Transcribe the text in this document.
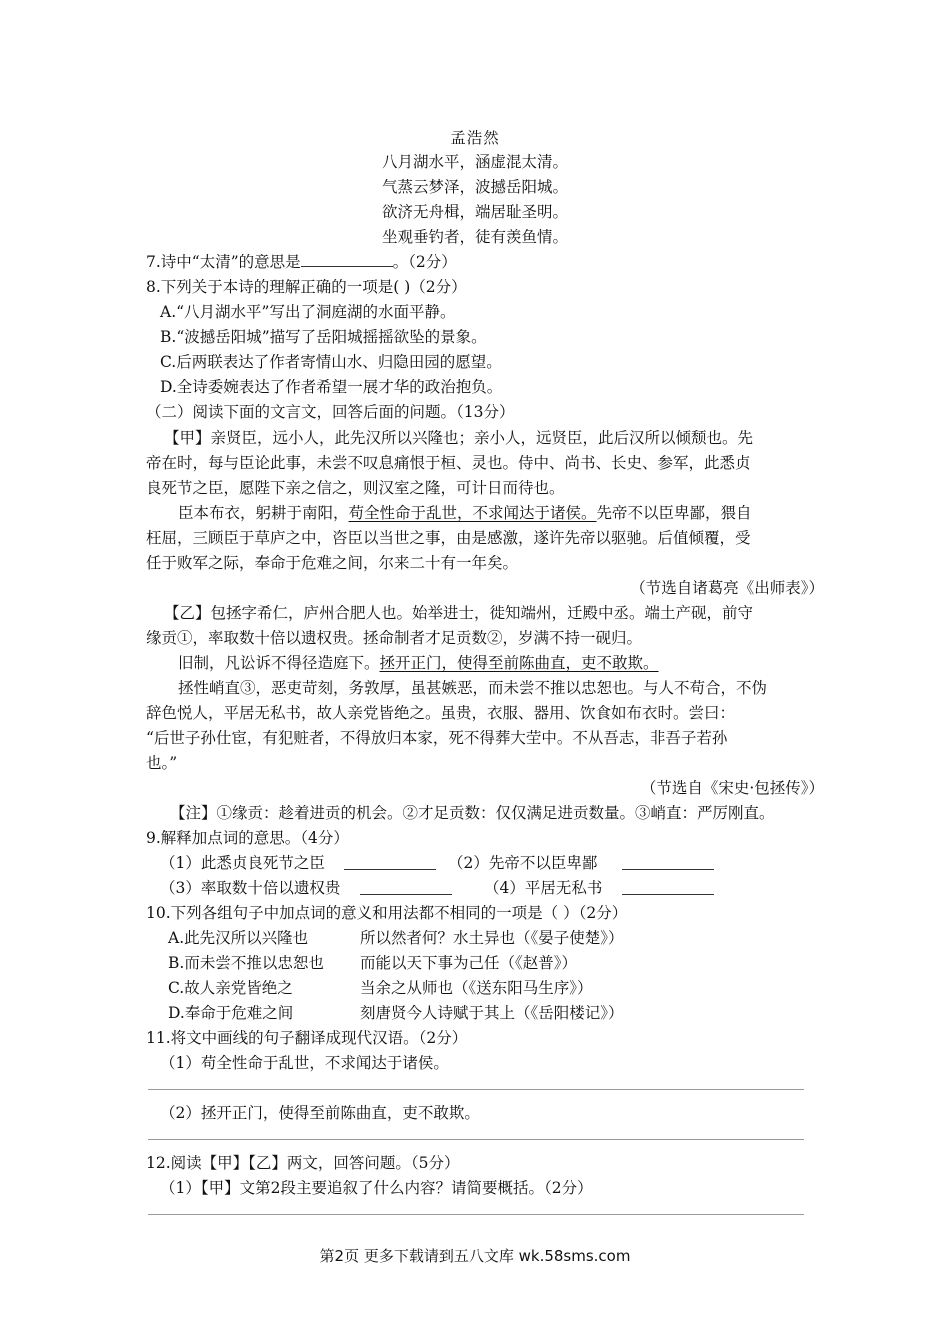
孟浩然
八月湖水平，涵虚混太清。
气蒸云梦泽，波撼岳阳城。
欲济无舟楫，端居耻圣明。
坐观垂钓者，徒有羡鱼情。
7.诗中“太清”的意思是	。（2分）
8.下列关于本诗的理解正确的一项是( )（2分）
A.“八月湖水平”写出了洞庭湖的水面平静。
B.“波撼岳阳城”描写了岳阳城摇摇欲坠的景象。
C.后两联表达了作者寄情山水、归隐田园的愿望。
D.全诗委婉表达了作者希望一展才华的政治抱负。
（二）阅读下面的文言文，回答后面的问题。（13分）
【甲】亲贤臣，远小人，此先汉所以兴隆也；亲小人，远贤臣，此后汉所以倾颓也。先
帝在时，每与臣论此事，未尝不叹息痛恨于桓、灵也。侍中、尚书、长史、参军，此悉贞
良死节之臣，愿陛下亲之信之，则汉室之隆，可计日而待也。
臣本布衣，躬耕于南阳，苟全性命于乱世，不求闻达于诸侯。先帝不以臣卑鄙，猥自
枉屈，三顾臣于草庐之中，咨臣以当世之事，由是感激，遂许先帝以驱驰。后值倾覆，受
任于败军之际，奉命于危难之间，尔来二十有一年矣。
（节选自诸葛亮《出师表》）
【乙】包拯字希仁，庐州合肥人也。始举进士，徙知端州，迁殿中丞。端土产砚，前守
缘贡①，率取数十倍以遗权贵。拯命制者才足贡数②，岁满不持一砚归。
旧制，凡讼诉不得径造庭下。拯开正门，使得至前陈曲直，吏不敢欺。
拯性峭直③，恶吏苛刻，务敦厚，虽甚嫉恶，而未尝不推以忠恕也。与人不苟合，不伪
辞色悦人，平居无私书，故人亲党皆绝之。虽贵，衣服、器用、饮食如布衣时。尝曰：
“后世子孙仕宦，有犯赃者，不得放归本家，死不得葬大茔中。不从吾志，非吾子若孙
也。”
（节选自《宋史·包拯传》）
【注】①缘贡：趁着进贡的机会。②才足贡数：仅仅满足进贡数量。③峭直：严厉刚直。
9.解释加点词的意思。（4分）
（1）此悉贞良死节之臣	（2）先帝不以臣卑鄙
（3）率取数十倍以遗权贵	（4）平居无私书
10.下列各组句子中加点词的意义和用法都不相同的一项是（ ）（2分）
A.此先汉所以兴隆也	所以然者何？水土异也（《晏子使楚》）
B.而未尝不推以忠恕也 而能以天下事为己任（《赵普》）
C.故人亲党皆绝之	当余之从师也（《送东阳马生序》）
D.奉命于危难之间	刻唐贤今人诗赋于其上（《岳阳楼记》）
11.将文中画线的句子翻译成现代汉语。（2分）
（1）苟全性命于乱世，不求闻达于诸侯。
（2）拯开正门，使得至前陈曲直，吏不敢欺。
12.阅读【甲】【乙】两文，回答问题。（5分）
（1）【甲】文第2段主要追叙了什么内容？请简要概括。（2分）
第2页 更多下载请到五八文库 wk.58sms.com
